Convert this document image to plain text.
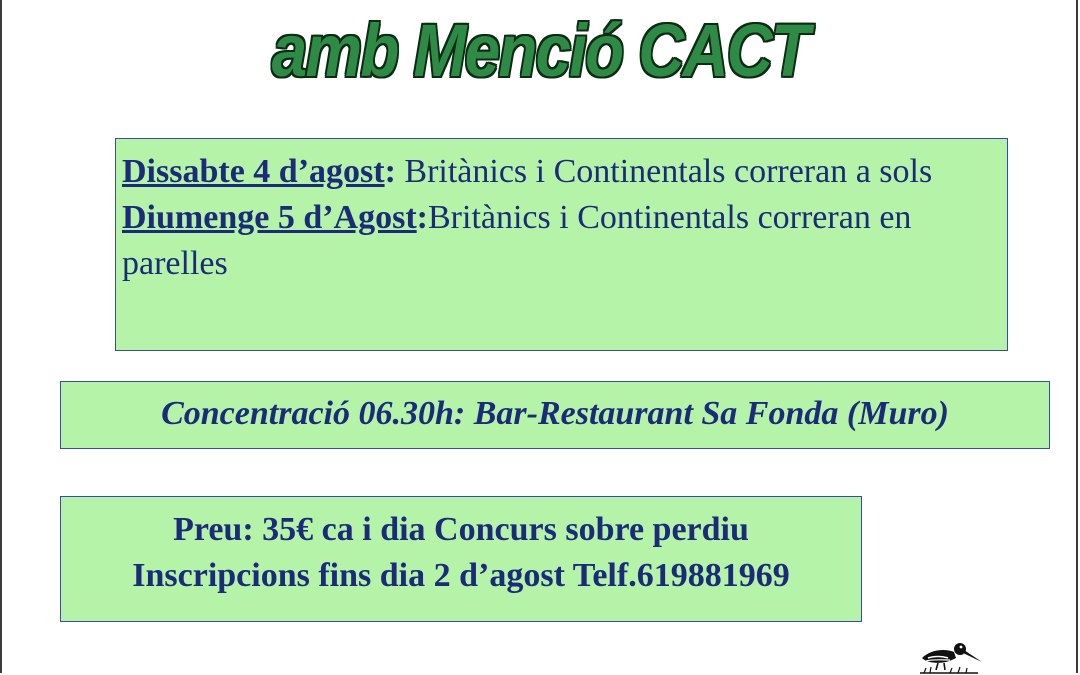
amb Menció CACT
Dissabte 4 d’agost: Britànics i Continentals correran a sols
Diumenge 5 d’Agost:Britànics i Continentals correran en parelles
Concentració 06.30h: Bar-Restaurant Sa Fonda (Muro)
Preu: 35€ ca i dia Concurs sobre perdiu
Inscripcions fins dia 2 d’agost Telf.619881969
